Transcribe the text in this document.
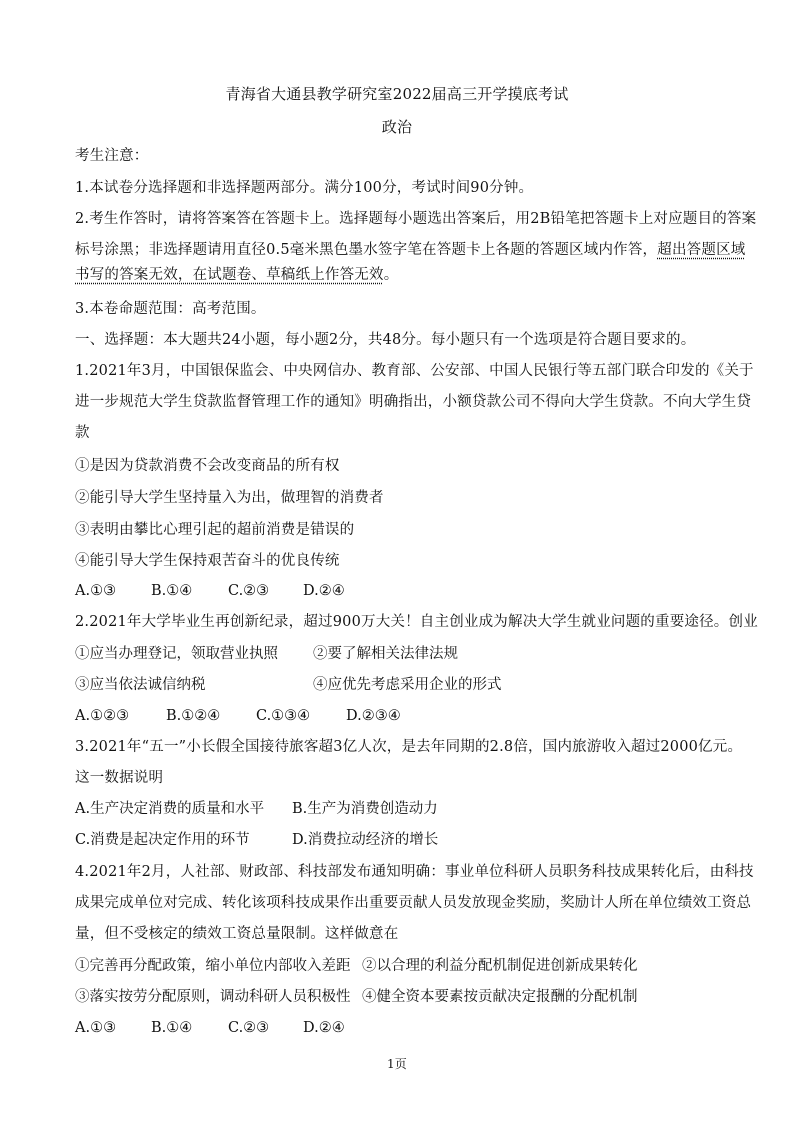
青海省大通县教学研究室2022届高三开学摸底考试
政治
考生注意：
1.本试卷分选择题和非选择题两部分。满分100分，考试时间90分钟。
2.考生作答时，请将答案答在答题卡上。选择题每小题选出答案后，用2B铅笔把答题卡上对应题目的答案
标号涂黑；非选择题请用直径0.5毫米黑色墨水签字笔在答题卡上各题的答题区域内作答，超出答题区域
书写的答案无效，在试题卷、草稿纸上作答无效。
3.本卷命题范围：高考范围。
一、选择题：本大题共24小题，每小题2分，共48分。每小题只有一个选项是符合题目要求的。
1.2021年3月，中国银保监会、中央网信办、教育部、公安部、中国人民银行等五部门联合印发的《关于
进一步规范大学生贷款监督管理工作的通知》明确指出，小额贷款公司不得向大学生贷款。不向大学生贷
款
①是因为贷款消费不会改变商品的所有权
②能引导大学生坚持量入为出，做理智的消费者
③表明由攀比心理引起的超前消费是错误的
④能引导大学生保持艰苦奋斗的优良传统
A.①③ B.①④ C.②③ D.②④
2.2021年大学毕业生再创新纪录，超过900万大关！自主创业成为解决大学生就业问题的重要途径。创业
①应当办理登记，领取营业执照 ②要了解相关法律法规
③应当依法诚信纳税	④应优先考虑采用企业的形式
A.①②③	B.①②④ C.①③④ D.②③④
3.2021年“五一”小长假全国接待旅客超3亿人次，是去年同期的2.8倍，国内旅游收入超过2000亿元。
这一数据说明
A.生产决定消费的质量和水平 B.生产为消费创造动力
C.消费是起决定作用的环节	D.消费拉动经济的增长
4.2021年2月，人社部、财政部、科技部发布通知明确：事业单位科研人员职务科技成果转化后，由科技
成果完成单位对完成、转化该项科技成果作出重要贡献人员发放现金奖励，奖励计人所在单位绩效工资总
量，但不受核定的绩效工资总量限制。这样做意在
①完善再分配政策，缩小单位内部收入差距 ②以合理的利益分配机制促进创新成果转化
③落实按劳分配原则，调动科研人员积极性 ④健全资本要素按贡献决定报酬的分配机制
A.①③ B.①④ C.②③ D.②④
1页
